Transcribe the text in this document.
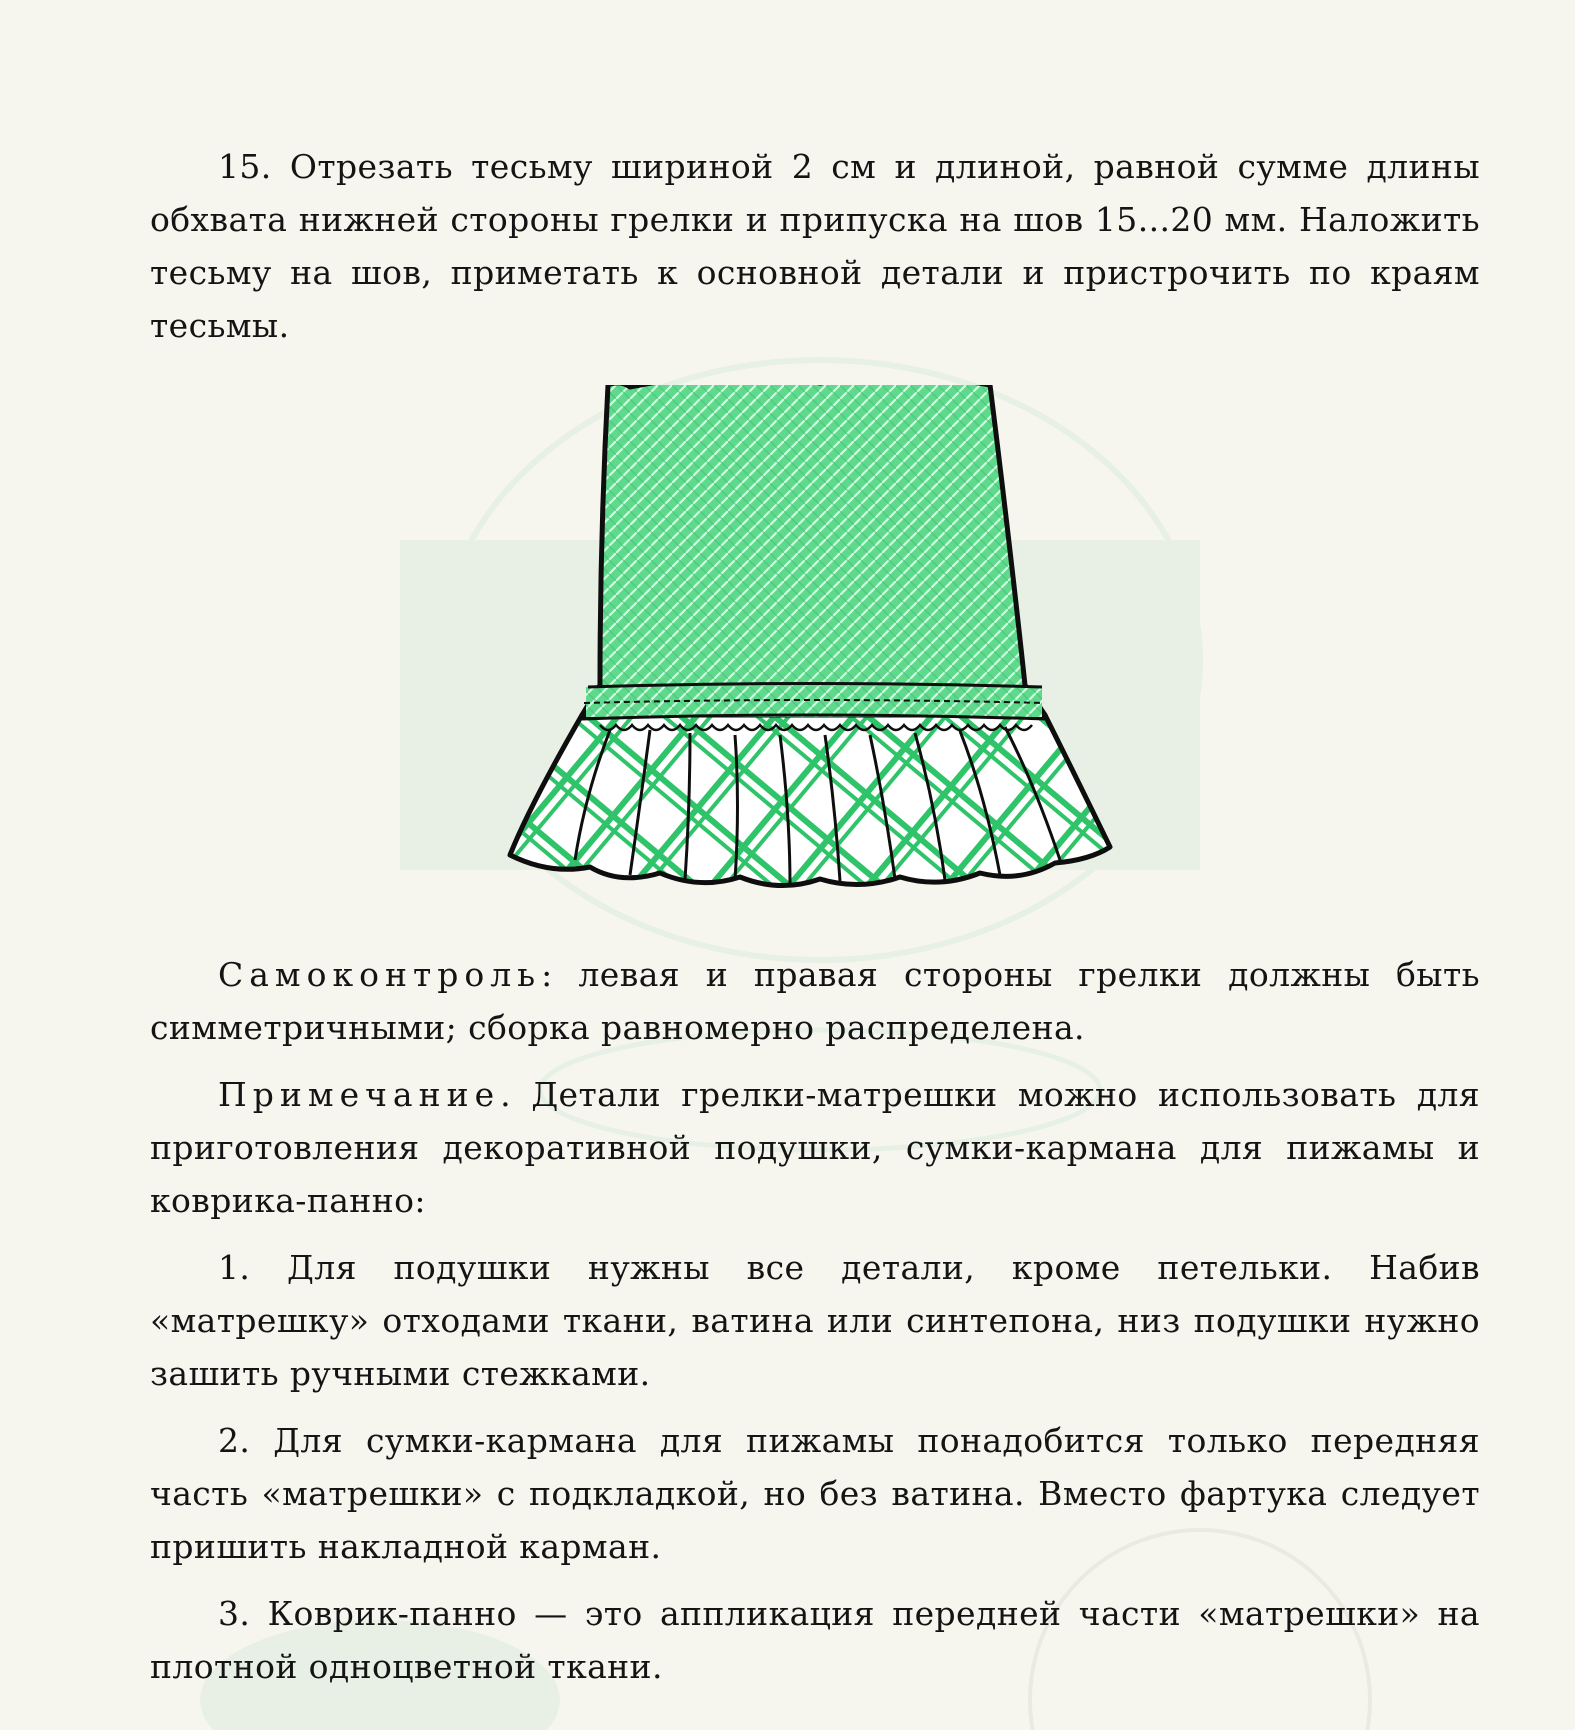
15. Отрезать тесьму шириной 2 см и длиной, равной сумме длины обхвата нижней стороны грелки и припуска на шов 15...20 мм. Наложить тесьму на шов, приметать к основной детали и пристрочить по краям тесьмы.

Самоконтроль: левая и правая стороны грелки должны быть симметричными; сборка равномерно распределена.

Примечание. Детали грелки-матрешки можно использовать для приготовления декоративной подушки, сумки-кармана для пижамы и коврика-панно:

1. Для подушки нужны все детали, кроме петельки. Набив «матрешку» отходами ткани, ватина или синтепона, низ подушки нужно зашить ручными стежками.

2. Для сумки-кармана для пижамы понадобится только передняя часть «матрешки» с подкладкой, но без ватина. Вместо фартука следует пришить накладной карман.

3. Коврик-панно — это аппликация передней части «матрешки» на плотной одноцветной ткани.
